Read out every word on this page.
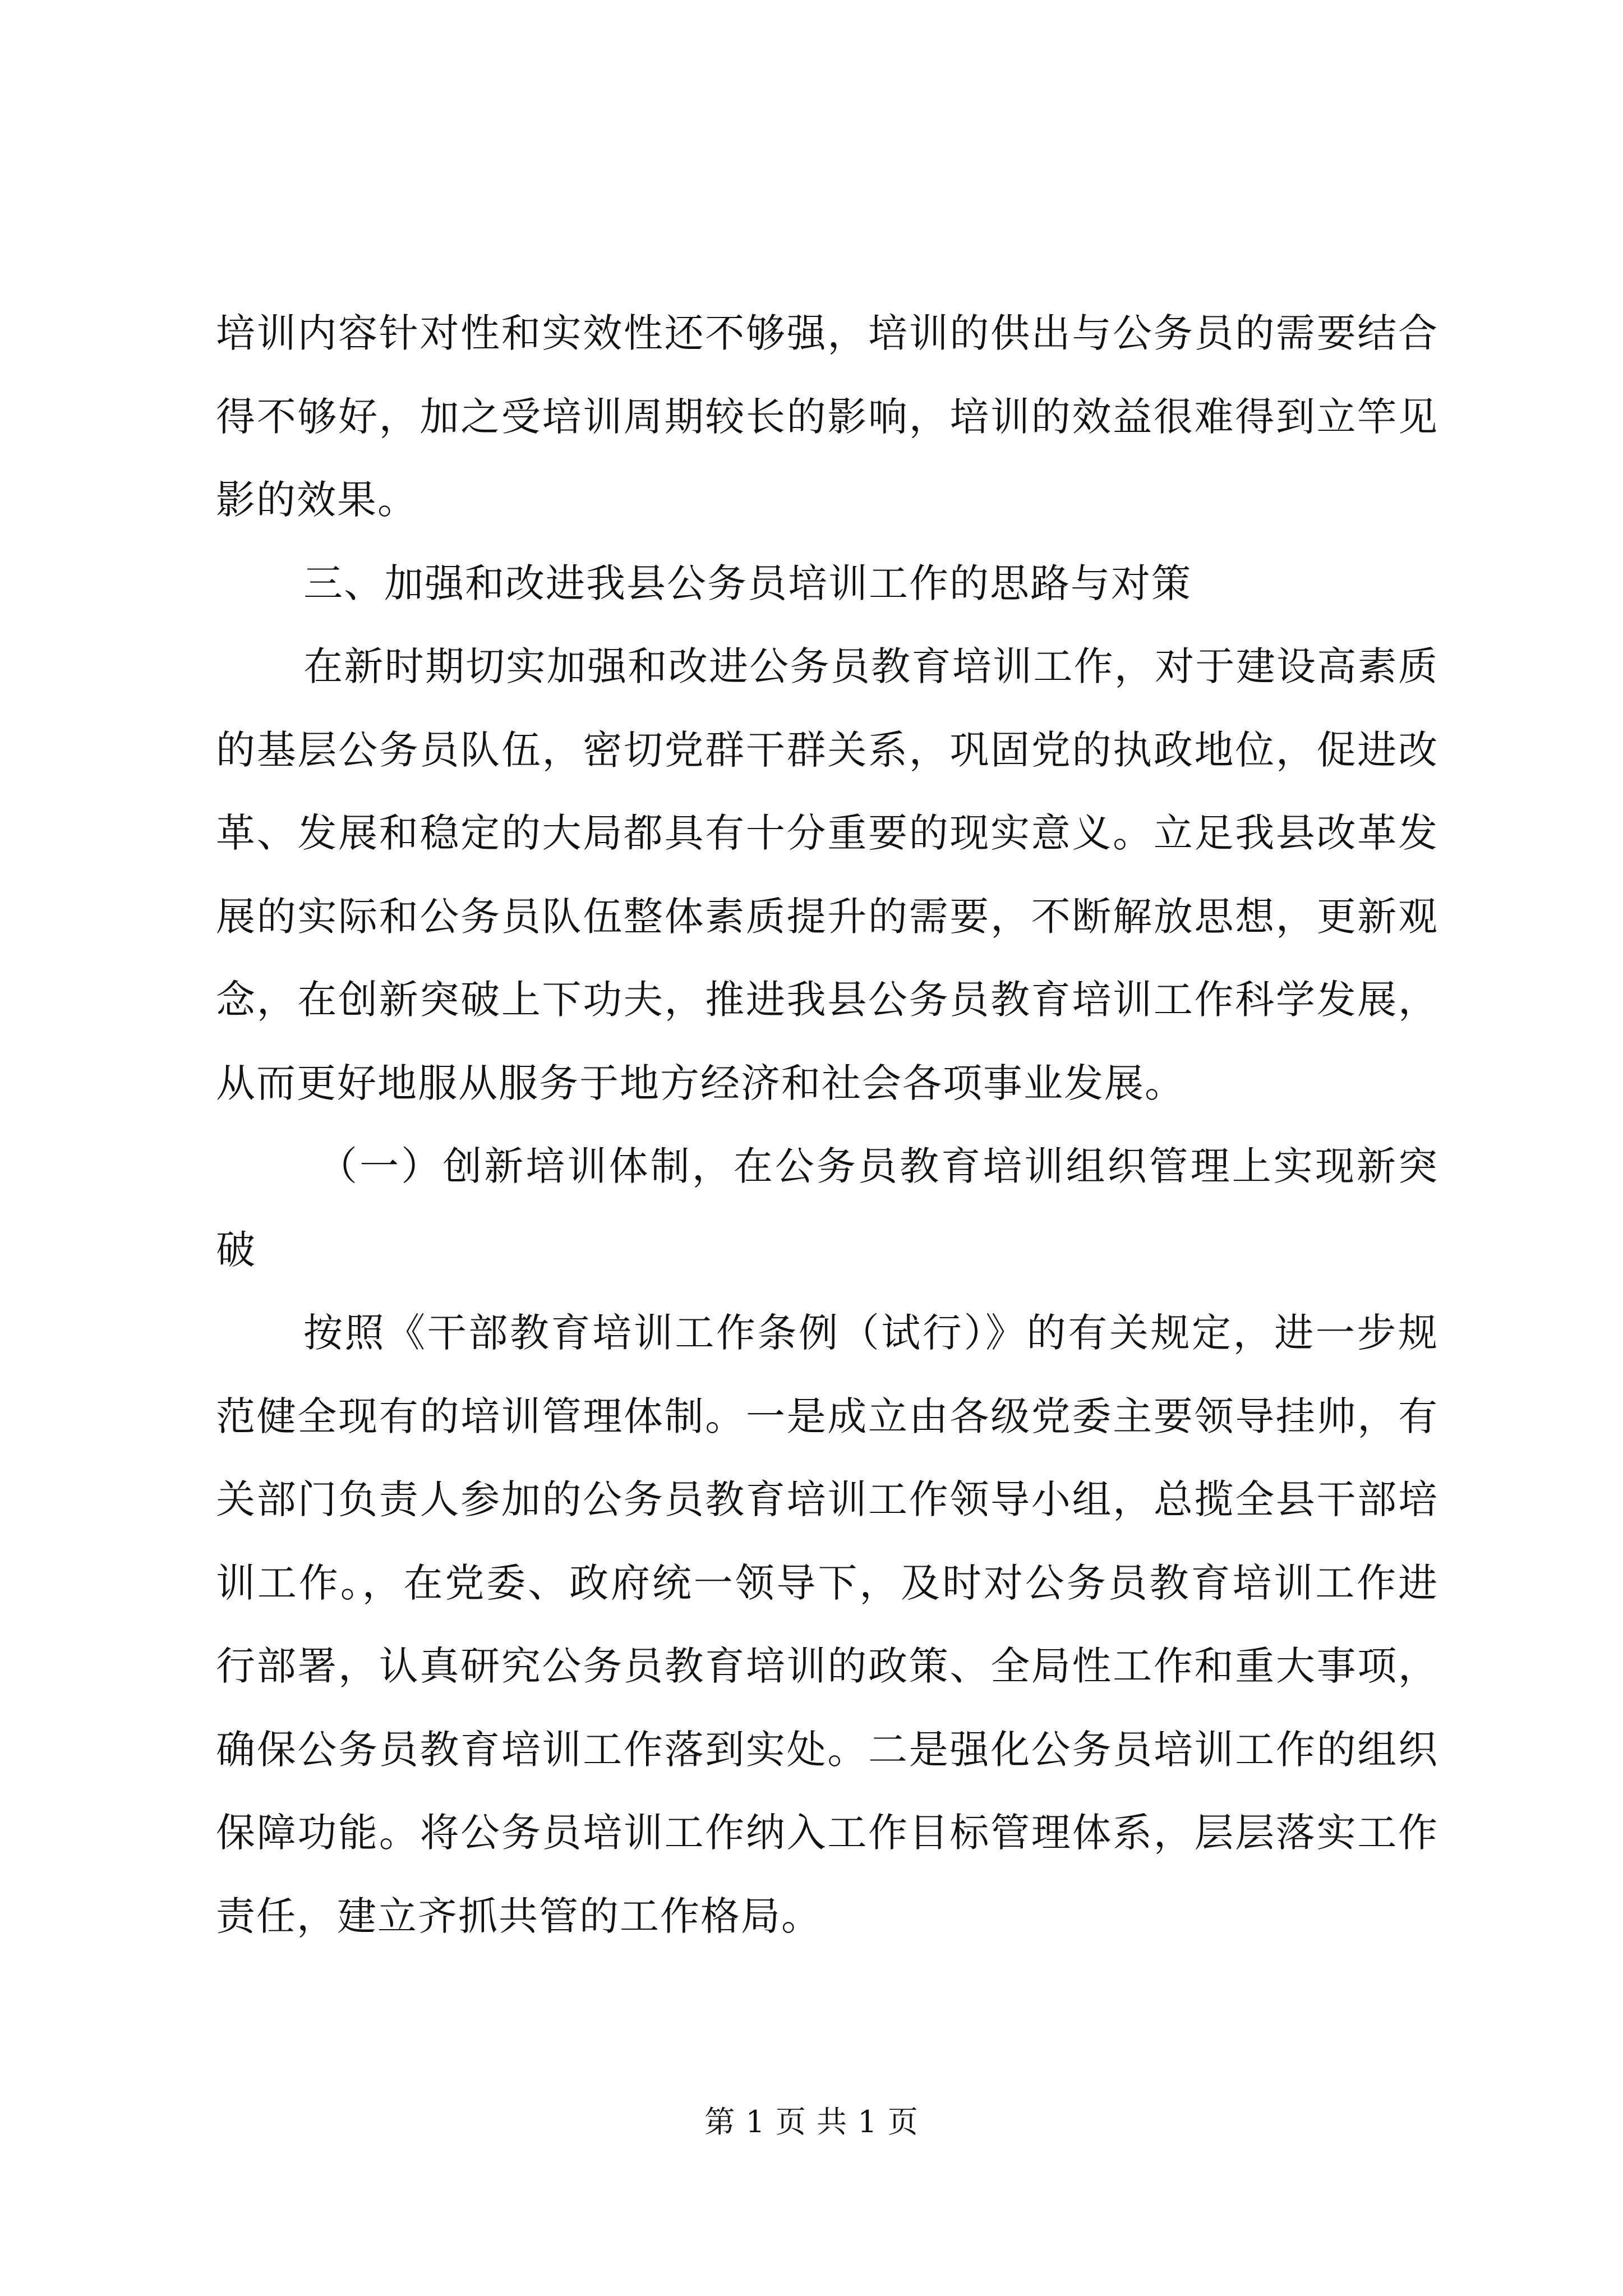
培训内容针对性和实效性还不够强，培训的供出与公务员的需要结合得不够好，加之受培训周期较长的影响，培训的效益很难得到立竿见影的效果。

三、加强和改进我县公务员培训工作的思路与对策

在新时期切实加强和改进公务员教育培训工作，对于建设高素质的基层公务员队伍，密切党群干群关系，巩固党的执政地位，促进改革、发展和稳定的大局都具有十分重要的现实意义。立足我县改革发展的实际和公务员队伍整体素质提升的需要，不断解放思想，更新观念，在创新突破上下功夫，推进我县公务员教育培训工作科学发展，从而更好地服从服务于地方经济和社会各项事业发展。

（一）创新培训体制，在公务员教育培训组织管理上实现新突破

按照《干部教育培训工作条例（试行）》的有关规定，进一步规范健全现有的培训管理体制。一是成立由各级党委主要领导挂帅，有关部门负责人参加的公务员教育培训工作领导小组，总揽全县干部培训工作。，在党委、政府统一领导下，及时对公务员教育培训工作进行部署，认真研究公务员教育培训的政策、全局性工作和重大事项，确保公务员教育培训工作落到实处。二是强化公务员培训工作的组织保障功能。将公务员培训工作纳入工作目标管理体系，层层落实工作责任，建立齐抓共管的工作格局。

第 1 页 共 1 页
